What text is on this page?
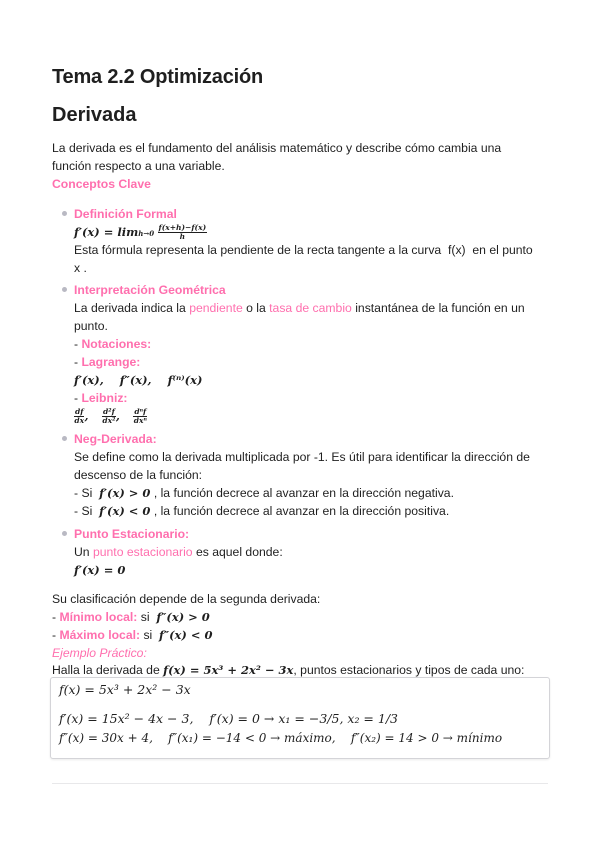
Tema 2.2 Optimización
Derivada
La derivada es el fundamento del análisis matemático y describe cómo cambia una
función respecto a una variable.
Conceptos Clave
Definición Formal
$f'(x) = \lim h\to 0 \frac{f(x+h)-f(x)}{h}$
Esta fórmula representa la pendiente de la recta tangente a la curva f(x) en el punto
x .
Interpretación Geométrica
La derivada indica la pendiente o la tasa de cambio instantánea de la función en un
punto.
- Notaciones:
- Lagrange:
f′(x),    f″(x),    f⁽ⁿ⁾(x)
- Leibniz:
$\frac{df}{dx}$ , $\frac{\text{d²f}}{\text{dx²}}$ , $\frac{\text{dⁿf}}{\text{dxⁿ}}$
Neg-Derivada:
Se define como la derivada multiplicada por -1. Es útil para identificar la dirección de
descenso de la función:
- Si f′(x) > 0 , la función decrece al avanzar en la dirección negativa.
- Si f′(x) < 0 , la función decrece al avanzar en la dirección positiva.
Punto Estacionario:
Un punto estacionario es aquel donde:
f′(x) = 0
Su clasificación depende de la segunda derivada:
- Mínimo local: si f″(x) > 0
- Máximo local: si f″(x) < 0
Ejemplo Práctico:
Halla la derivada de f(x) = 5x³ + 2x² − 3x, puntos estacionarios y tipos de cada uno:
f(x) = 5x³ + 2x² − 3x
f′(x) = 15x² − 4x − 3,    f′(x) = 0 → x₁ = −3/5, x₂ = 1/3
f″(x) = 30x + 4,    f″(x₁) = −14 < 0 → máximo,    f″(x₂) = 14 > 0 → mínimo
